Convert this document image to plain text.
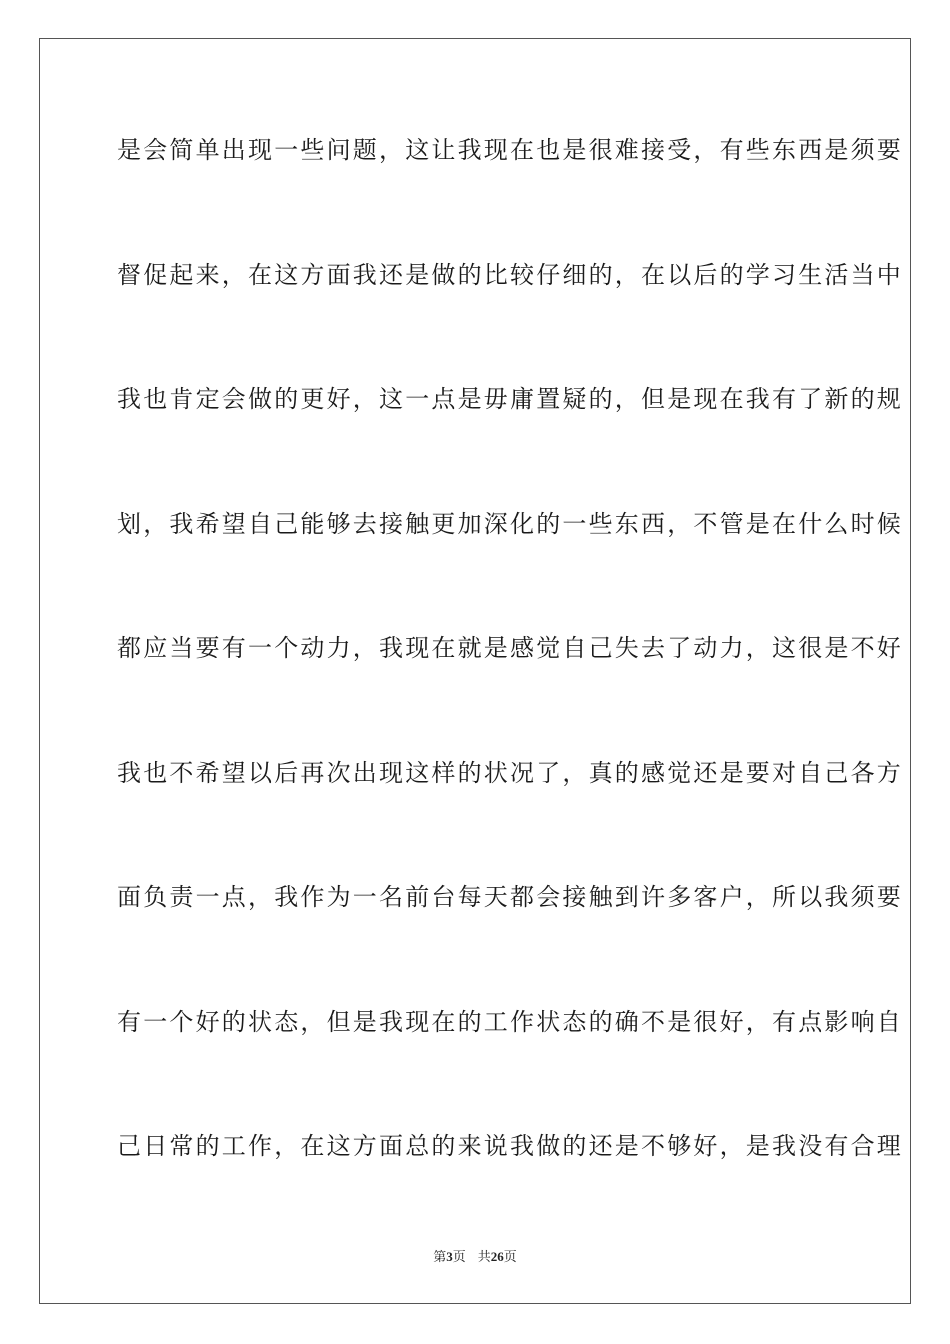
是会简单出现一些问题，这让我现在也是很难接受，有些东西是须要
督促起来，在这方面我还是做的比较仔细的，在以后的学习生活当中
我也肯定会做的更好，这一点是毋庸置疑的，但是现在我有了新的规
划，我希望自己能够去接触更加深化的一些东西，不管是在什么时候
都应当要有一个动力，我现在就是感觉自己失去了动力，这很是不好
我也不希望以后再次出现这样的状况了，真的感觉还是要对自己各方
面负责一点，我作为一名前台每天都会接触到许多客户，所以我须要
有一个好的状态，但是我现在的工作状态的确不是很好，有点影响自
己日常的工作，在这方面总的来说我做的还是不够好，是我没有合理
第3页 共26页
